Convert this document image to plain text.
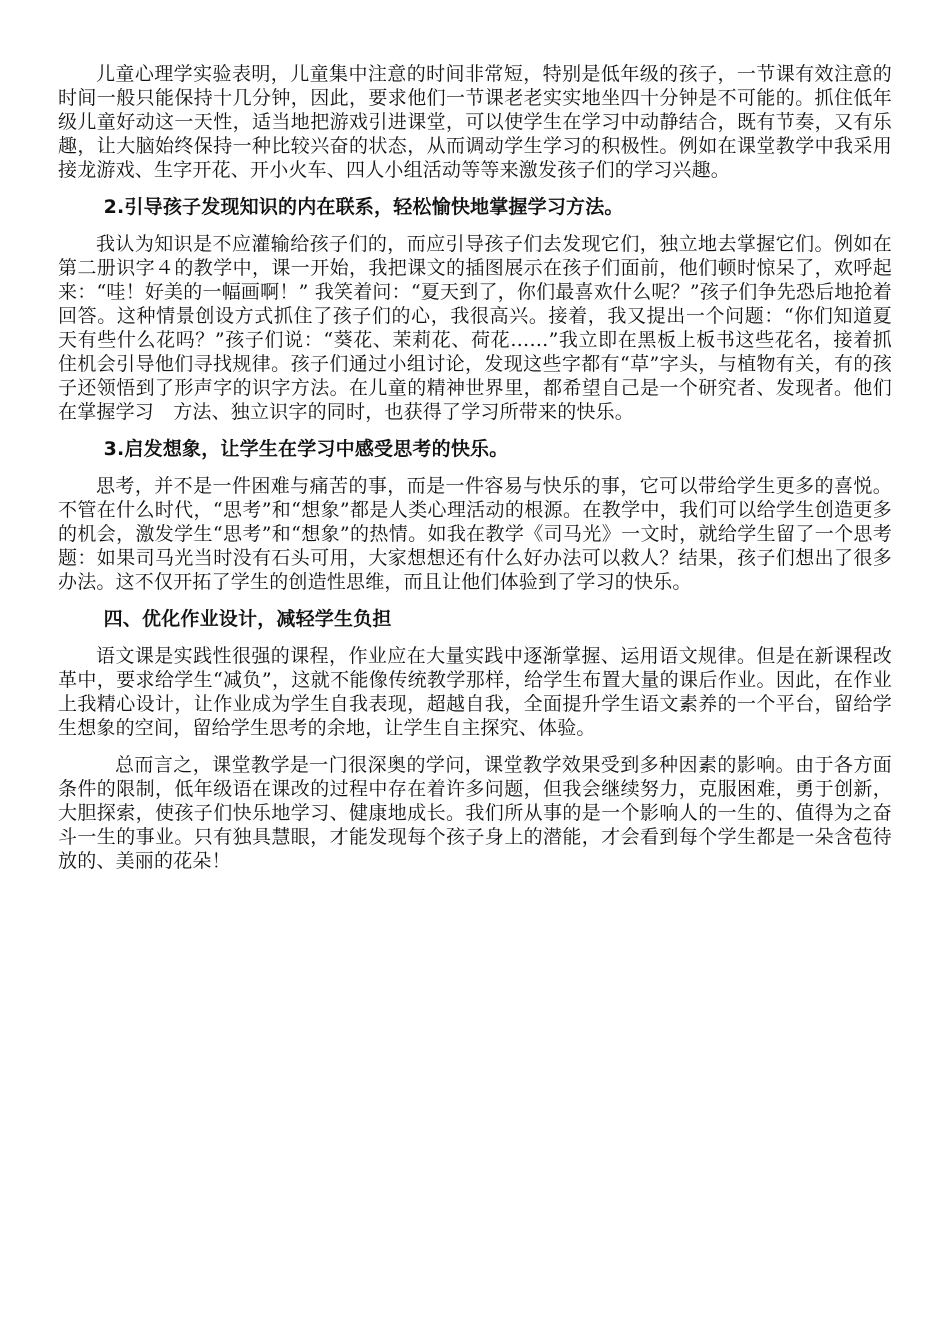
儿童心理学实验表明，儿童集中注意的时间非常短，特别是低年级的孩子，一节课有效注意的时间一般只能保持十几分钟，因此，要求他们一节课老老实实地坐四十分钟是不可能的。抓住低年级儿童好动这一天性，适当地把游戏引进课堂，可以使学生在学习中动静结合，既有节奏，又有乐趣，让大脑始终保持一种比较兴奋的状态，从而调动学生学习的积极性。例如在课堂教学中我采用接龙游戏、生字开花、开小火车、四人小组活动等等来激发孩子们的学习兴趣。

2.引导孩子发现知识的内在联系，轻松愉快地掌握学习方法。

我认为知识是不应灌输给孩子们的，而应引导孩子们去发现它们，独立地去掌握它们。例如在第二册识字４的教学中，课一开始，我把课文的插图展示在孩子们面前，他们顿时惊呆了，欢呼起来：“哇！好美的一幅画啊！” 我笑着问：“夏天到了，你们最喜欢什么呢？”孩子们争先恐后地抢着回答。这种情景创设方式抓住了孩子们的心，我很高兴。接着，我又提出一个问题：“你们知道夏天有些什么花吗？”孩子们说：“葵花、茉莉花、荷花……”我立即在黑板上板书这些花名，接着抓住机会引导他们寻找规律。孩子们通过小组讨论，发现这些字都有“草”字头，与植物有关，有的孩子还领悟到了形声字的识字方法。在儿童的精神世界里，都希望自己是一个研究者、发现者。他们在掌握学习　方法、独立识字的同时，也获得了学习所带来的快乐。

3.启发想象，让学生在学习中感受思考的快乐。

思考，并不是一件困难与痛苦的事，而是一件容易与快乐的事，它可以带给学生更多的喜悦。不管在什么时代，“思考”和“想象”都是人类心理活动的根源。在教学中，我们可以给学生创造更多的机会，激发学生“思考”和“想象”的热情。如我在教学《司马光》一文时，就给学生留了一个思考题：如果司马光当时没有石头可用，大家想想还有什么好办法可以救人？结果，孩子们想出了很多办法。这不仅开拓了学生的创造性思维，而且让他们体验到了学习的快乐。

四、优化作业设计，减轻学生负担

语文课是实践性很强的课程，作业应在大量实践中逐渐掌握、运用语文规律。但是在新课程改革中，要求给学生“减负”，这就不能像传统教学那样，给学生布置大量的课后作业。因此，在作业上我精心设计，让作业成为学生自我表现，超越自我，全面提升学生语文素养的一个平台，留给学生想象的空间，留给学生思考的余地，让学生自主探究、体验。

总而言之，课堂教学是一门很深奥的学问，课堂教学效果受到多种因素的影响。由于各方面条件的限制，低年级语在课改的过程中存在着许多问题，但我会继续努力，克服困难，勇于创新，大胆探索，使孩子们快乐地学习、健康地成长。我们所从事的是一个影响人的一生的、值得为之奋斗一生的事业。只有独具慧眼，才能发现每个孩子身上的潜能，才会看到每个学生都是一朵含苞待放的、美丽的花朵！
